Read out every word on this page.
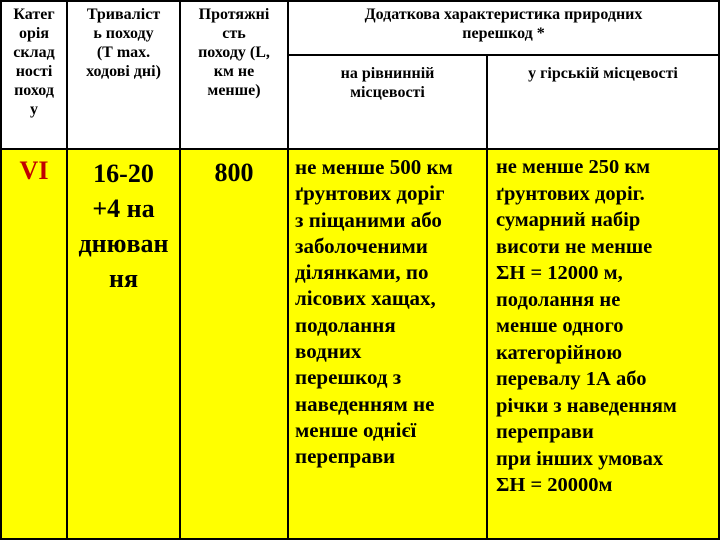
Катег
орія
склад
ності
поход
у
Триваліст
ь походу
(Т max.
ходові дні)
Протяжні
сть
походу (L,
км не
менше)
Додаткова характеристика природних
перешкод *
на рівнинній
місцевості
у гірській місцевості
VI	16-20
+4 на
днюван
ня
800	не менше 500 км
ґрунтових доріг
з піщаними або
заболоченими
ділянками, по
лісових хащах,
подолання
водних
перешкод з
наведенням не
менше однієї
переправи
не менше 250 км
ґрунтових доріг.
сумарний набір
висоти не менше
ΣН = 12000 м,
подолання не
менше одного
категорійною
перевалу 1А або
річки з наведенням
переправи
при інших умовах
ΣН = 20000м
